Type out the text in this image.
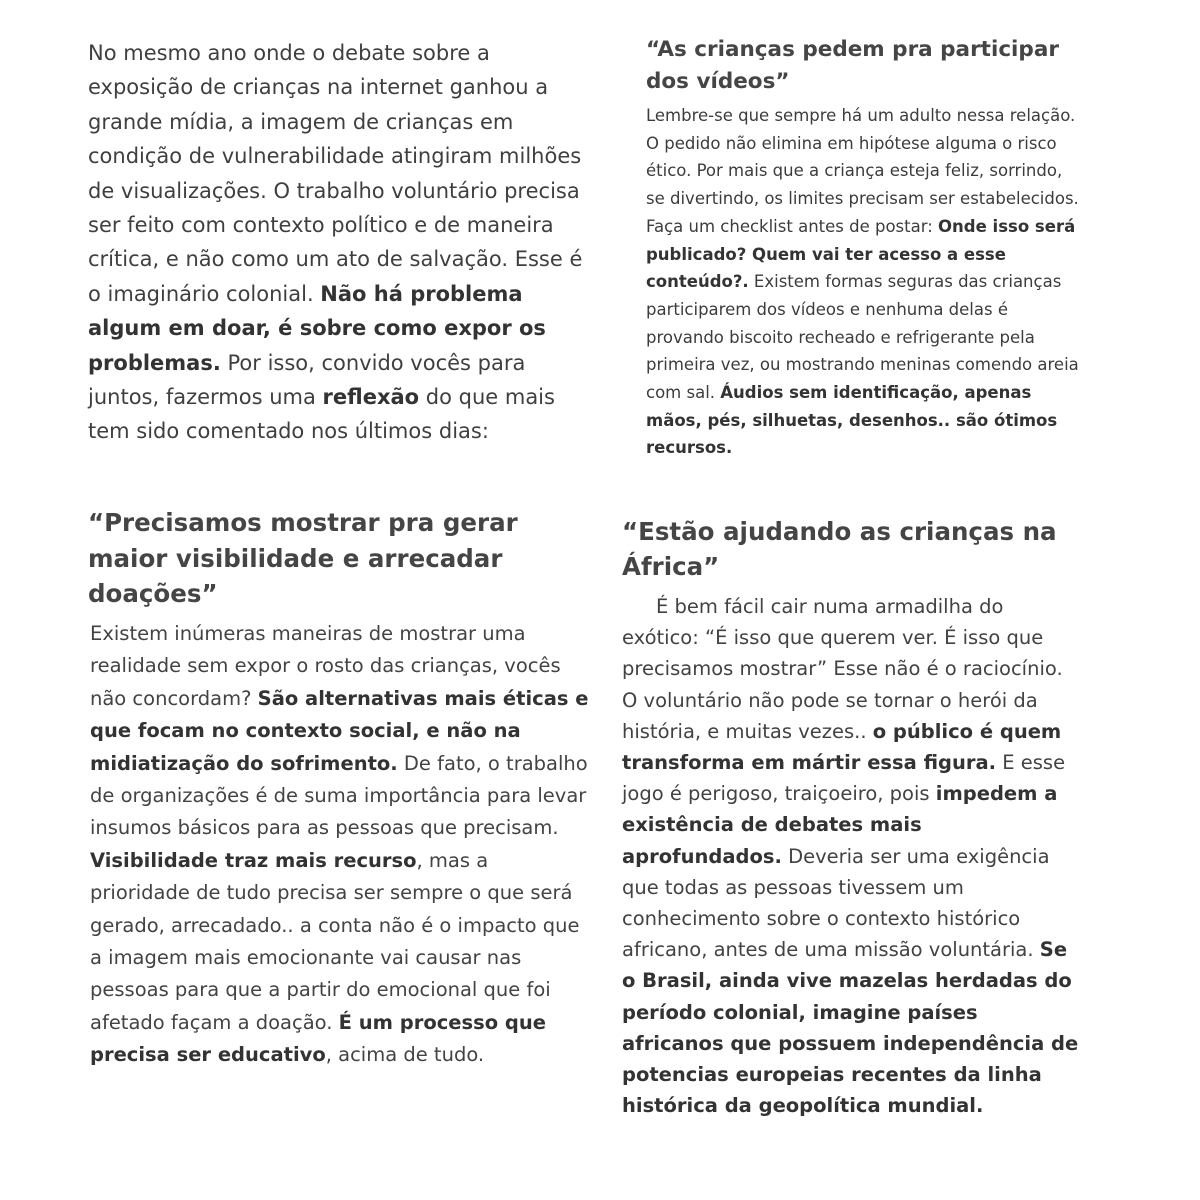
No mesmo ano onde o debate sobre a exposição de crianças na internet ganhou a grande mídia, a imagem de crianças em condição de vulnerabilidade atingiram milhões de visualizações. O trabalho voluntário precisa ser feito com contexto político e de maneira crítica, e não como um ato de salvação. Esse é o imaginário colonial. Não há problema algum em doar, é sobre como expor os problemas. Por isso, convido vocês para juntos, fazermos uma reflexão do que mais tem sido comentado nos últimos dias:

“Precisamos mostrar pra gerar maior visibilidade e arrecadar doações”

Existem inúmeras maneiras de mostrar uma realidade sem expor o rosto das crianças, vocês não concordam? São alternativas mais éticas e que focam no contexto social, e não na midiatização do sofrimento. De fato, o trabalho de organizações é de suma importância para levar insumos básicos para as pessoas que precisam. Visibilidade traz mais recurso, mas a prioridade de tudo precisa ser sempre o que será gerado, arrecadado.. a conta não é o impacto que a imagem mais emocionante vai causar nas pessoas para que a partir do emocional que foi afetado façam a doação. É um processo que precisa ser educativo, acima de tudo.

“As crianças pedem pra participar dos vídeos”

Lembre-se que sempre há um adulto nessa relação. O pedido não elimina em hipótese alguma o risco ético. Por mais que a criança esteja feliz, sorrindo, se divertindo, os limites precisam ser estabelecidos. Faça um checklist antes de postar: Onde isso será publicado? Quem vai ter acesso a esse conteúdo?. Existem formas seguras das crianças participarem dos vídeos e nenhuma delas é provando biscoito recheado e refrigerante pela primeira vez, ou mostrando meninas comendo areia com sal. Áudios sem identificação, apenas mãos, pés, silhuetas, desenhos.. são ótimos recursos.

“Estão ajudando as crianças na África”

É bem fácil cair numa armadilha do exótico: “É isso que querem ver. É isso que precisamos mostrar” Esse não é o raciocínio. O voluntário não pode se tornar o herói da história, e muitas vezes.. o público é quem transforma em mártir essa figura. E esse jogo é perigoso, traiçoeiro, pois impedem a existência de debates mais aprofundados. Deveria ser uma exigência que todas as pessoas tivessem um conhecimento sobre o contexto histórico africano, antes de uma missão voluntária. Se o Brasil, ainda vive mazelas herdadas do período colonial, imagine países africanos que possuem independência de potencias europeias recentes da linha histórica da geopolítica mundial.
